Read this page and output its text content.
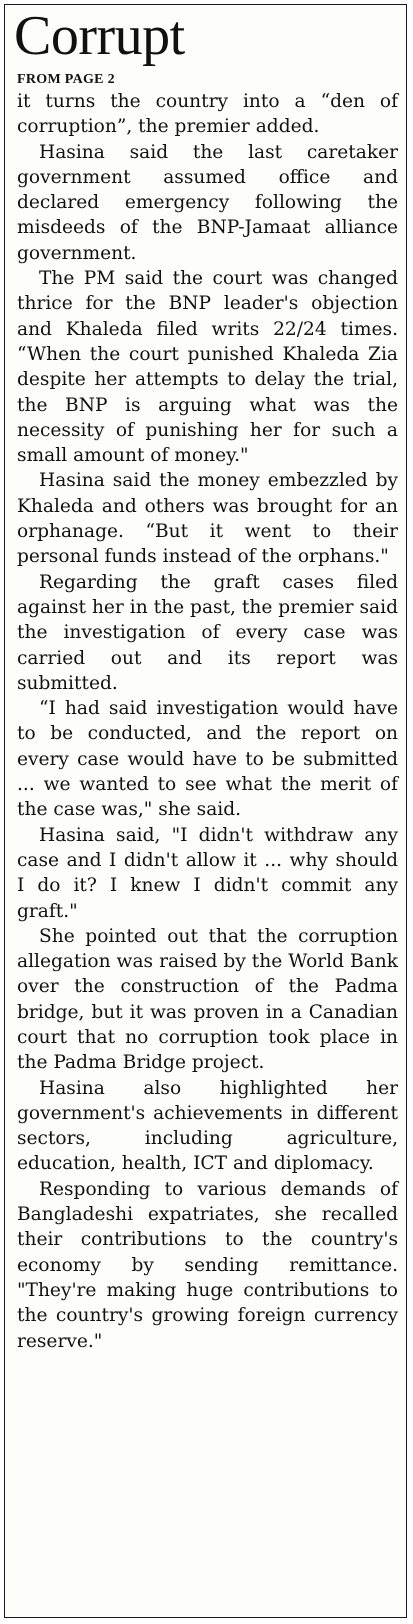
Corrupt
FROM PAGE 2

it turns the country into a “den of corruption”, the premier added.

Hasina said the last caretaker government assumed office and declared emergency following the misdeeds of the BNP-Jamaat alliance government.

The PM said the court was changed thrice for the BNP leader's objection and Khaleda filed writs 22/24 times. “When the court punished Khaleda Zia despite her attempts to delay the trial, the BNP is arguing what was the necessity of punishing her for such a small amount of money."

Hasina said the money embezzled by Khaleda and others was brought for an orphanage. “But it went to their personal funds instead of the orphans."

Regarding the graft cases filed against her in the past, the premier said the investigation of every case was carried out and its report was submitted.

“I had said investigation would have to be conducted, and the report on every case would have to be submitted ... we wanted to see what the merit of the case was," she said.

Hasina said, "I didn't withdraw any case and I didn't allow it ... why should I do it? I knew I didn't commit any graft."

She pointed out that the corruption allegation was raised by the World Bank over the construction of the Padma bridge, but it was proven in a Canadian court that no corruption took place in the Padma Bridge project.

Hasina also highlighted her government's achievements in different sectors, including agriculture, education, health, ICT and diplomacy.

Responding to various demands of Bangladeshi expatriates, she recalled their contributions to the country's economy by sending remittance. "They're making huge contributions to the country's growing foreign currency reserve."
